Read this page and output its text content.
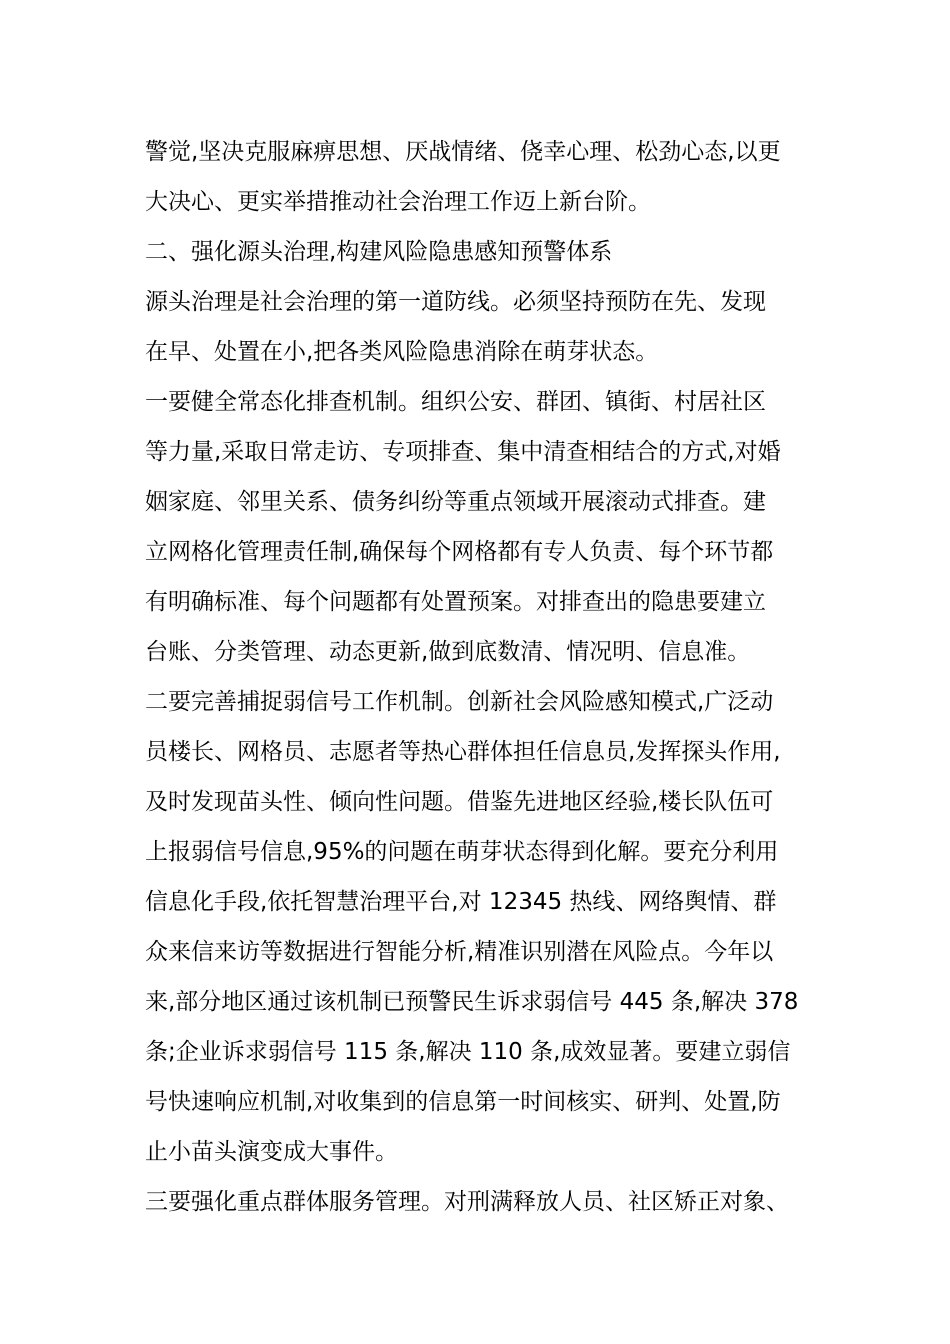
警觉,坚决克服麻痹思想、厌战情绪、侥幸心理、松劲心态,以更
大决心、更实举措推动社会治理工作迈上新台阶。
二、强化源头治理,构建风险隐患感知预警体系
源头治理是社会治理的第一道防线。必须坚持预防在先、发现
在早、处置在小,把各类风险隐患消除在萌芽状态。
一要健全常态化排查机制。组织公安、群团、镇街、村居社区
等力量,采取日常走访、专项排查、集中清查相结合的方式,对婚
姻家庭、邻里关系、债务纠纷等重点领域开展滚动式排查。建
立网格化管理责任制,确保每个网格都有专人负责、每个环节都
有明确标准、每个问题都有处置预案。对排查出的隐患要建立
台账、分类管理、动态更新,做到底数清、情况明、信息准。
二要完善捕捉弱信号工作机制。创新社会风险感知模式,广泛动
员楼长、网格员、志愿者等热心群体担任信息员,发挥探头作用,
及时发现苗头性、倾向性问题。借鉴先进地区经验,楼长队伍可
上报弱信号信息,95%的问题在萌芽状态得到化解。要充分利用
信息化手段,依托智慧治理平台,对 12345 热线、网络舆情、群
众来信来访等数据进行智能分析,精准识别潜在风险点。今年以
来,部分地区通过该机制已预警民生诉求弱信号 445 条,解决 378
条;企业诉求弱信号 115 条,解决 110 条,成效显著。要建立弱信
号快速响应机制,对收集到的信息第一时间核实、研判、处置,防
止小苗头演变成大事件。
三要强化重点群体服务管理。对刑满释放人员、社区矫正对象、
